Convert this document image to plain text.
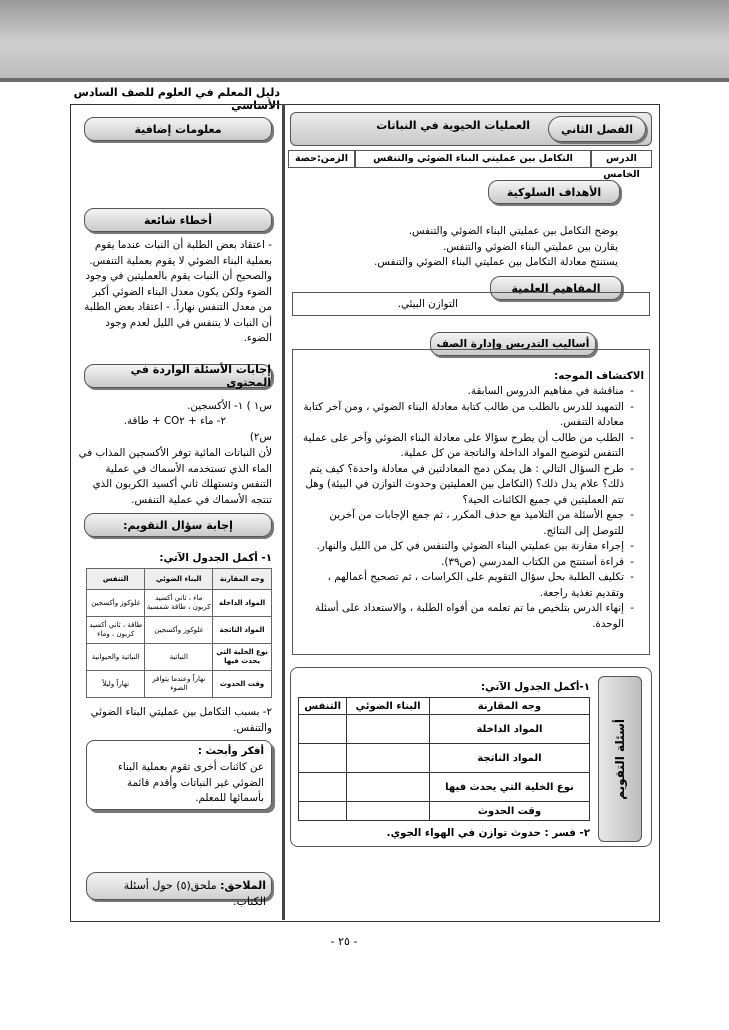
دليل المعلم في العلوم للصف السادس الأساسي
معلومات إضافية
أخطاء شائعة
- اعتقاد بعض الطلبة أن النبات عندما يقوم بعملية البناء الضوئي لا يقوم بعملية التنفس. والصحيح أن النبات يقوم بالعمليتين في وجود الضوء ولكن يكون معدل البناء الضوئي أكبر من معدل التنفس نهاراً. - اعتقاد بعض الطلبة أن النبات لا يتنفس في الليل لعدم وجود الضوء.
إجابات الأسئلة الواردة في المحتوى
س١ ) ١- الأكسجين.
٢- ماء + CO٢ + طاقة.
س٢)
لأن النباتات المائية توفر الأكسجين المذاب في الماء الذي تستخدمه الأسماك في عملية التنفس وتستهلك ثاني أكسيد الكربون الذي تنتجه الأسماك في عملية التنفس.
إجابة سؤال التقويم:
١- أكمل الجدول الآتي:
وجه المقارنة	البناء الضوئي	التنفس
المواد الداخلة	ماء ، ثاني أكسيد كربون ، طاقة شمسية	غلوكوز وأكسجين
المواد الناتجة	غلوكوز وأكسجين	طاقة ، ثاني أكسيد كربون ، وماء
نوع الخلية التي يحدث فيها	النباتية	النباتية والحيوانية
وقت الحدوث	نهاراً وعندما يتوافر الضوء	نهاراً وليلاً
٢- بسبب التكامل بين عمليتي البناء الضوئي والتنفس.
أفكر وأبحث :
عن كائنات أخرى تقوم بعملية البناء الضوئي غير النباتات وأقدم قائمة بأسمائها للمعلم.
الملاحق: ملحق(٥) حول أسئلة الكتاب.
الفصل الثاني
العمليات الحيوية في النباتات
الدرس الخامس
التكامل بين عمليتي البناء الضوئي والتنفس
الزمن:حصة
الأهداف السلوكية
يوضح التكامل بين عمليتي البناء الضوئي والتنفس.
يقارن بين عمليتي البناء الضوئي والتنفس.
يستنتج معادلة التكامل بين عمليتي البناء الضوئي والتنفس.
المفاهيم العلمية
التوازن البيئي.
أساليب التدريس وإدارة الصف
الاكتشاف الموجه:
- مناقشة في مفاهيم الدروس السابقة.
- التمهيد للدرس بالطلب من طالب كتابة معادلة البناء الضوئي ، ومن آخر كتابة معادلة التنفس.
- الطلب من طالب أن يطرح سؤالا على معادلة البناء الضوئي وآخر على عملية التنفس لتوضيح المواد الداخلة والناتجة من كل عملية.
- طرح السؤال التالي : هل يمكن دمج المعادلتين في معادلة واحدة؟ كيف يتم ذلك؟ علام يدل ذلك؟ (التكامل بين العمليتين وحدوث التوازن في البيئة) وهل تتم العمليتين في جميع الكائنات الحية؟
- جمع الأسئلة من التلاميذ مع حذف المكرر ، ثم جمع الإجابات من آخرين للتوصل إلى النتائج.
- إجراء مقارنة بين عمليتي البناء الضوئي والتنفس في كل من الليل والنهار.
- قراءة أستنتج من الكتاب المدرسي (ص٣٩).
- تكليف الطلبة بحل سؤال التقويم على الكراسات ، ثم تصحيح أعمالهم ، وتقديم تغذية راجعة.
- إنهاء الدرس بتلخيص ما تم تعلمه من أفواه الطلبة ، والاستعداد على أسئلة الوحدة.
أسئلة التقويم
١-أكمل الجدول الآتي:
وجه المقارنة	البناء الضوئي	التنفس
المواد الداخلة		
المواد الناتجة		
نوع الخلية التي يحدث فيها		
وقت الحدوث		
٢- فسر : حدوث توازن في الهواء الجوي.
- ٢٥ -
